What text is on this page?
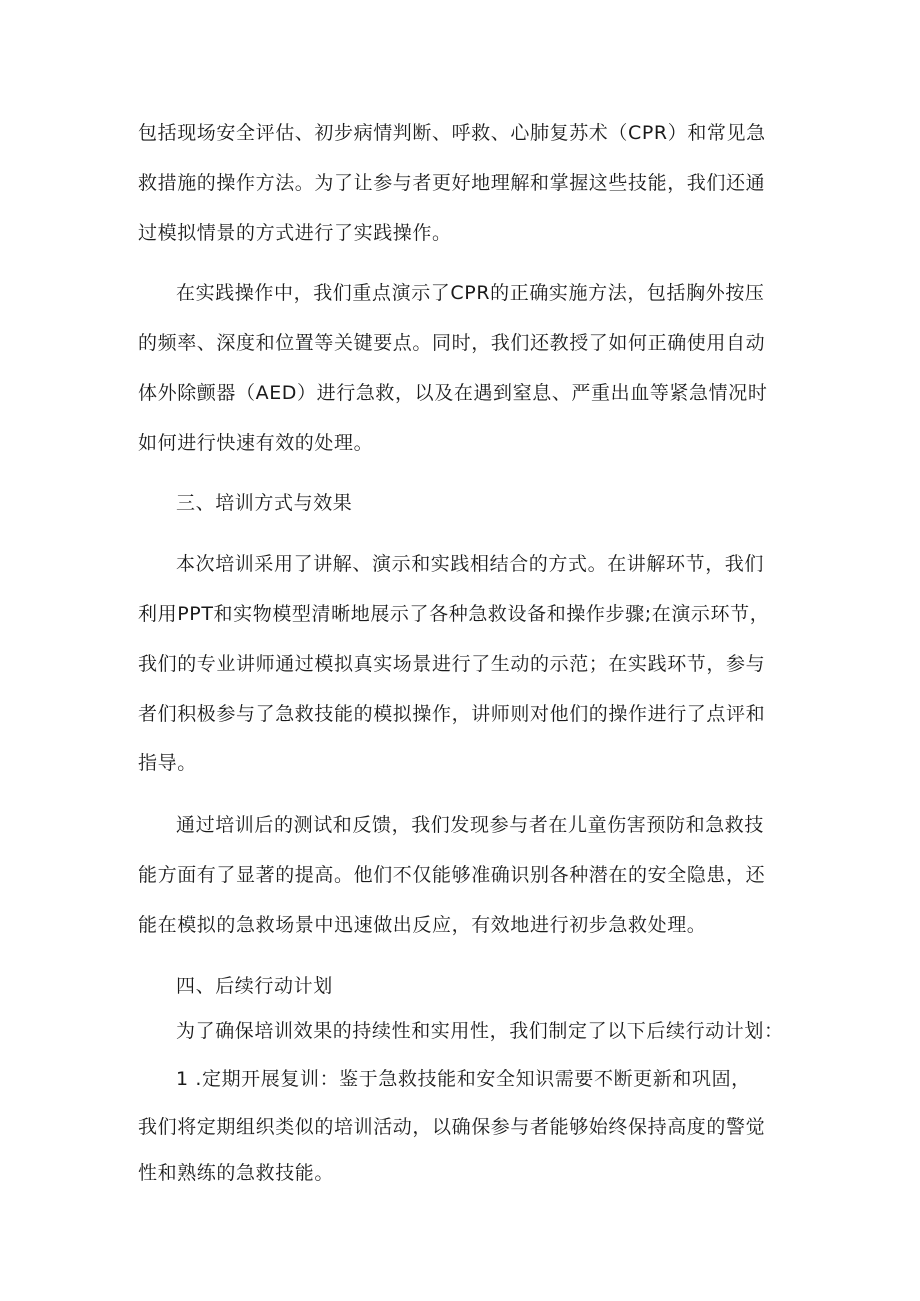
包括现场安全评估、初步病情判断、呼救、心肺复苏术（CPR）和常见急

救措施的操作方法。为了让参与者更好地理解和掌握这些技能，我们还通

过模拟情景的方式进行了实践操作。

在实践操作中，我们重点演示了CPR的正确实施方法，包括胸外按压

的频率、深度和位置等关键要点。同时，我们还教授了如何正确使用自动

体外除颤器（AED）进行急救，以及在遇到窒息、严重出血等紧急情况时

如何进行快速有效的处理。

三、培训方式与效果

本次培训采用了讲解、演示和实践相结合的方式。在讲解环节，我们

利用PPT和实物模型清晰地展示了各种急救设备和操作步骤;在演示环节，

我们的专业讲师通过模拟真实场景进行了生动的示范；在实践环节，参与

者们积极参与了急救技能的模拟操作，讲师则对他们的操作进行了点评和

指导。

通过培训后的测试和反馈，我们发现参与者在儿童伤害预防和急救技

能方面有了显著的提高。他们不仅能够准确识别各种潜在的安全隐患，还

能在模拟的急救场景中迅速做出反应，有效地进行初步急救处理。

四、后续行动计划

为了确保培训效果的持续性和实用性，我们制定了以下后续行动计划：

1 .定期开展复训：鉴于急救技能和安全知识需要不断更新和巩固，

我们将定期组织类似的培训活动，以确保参与者能够始终保持高度的警觉

性和熟练的急救技能。
